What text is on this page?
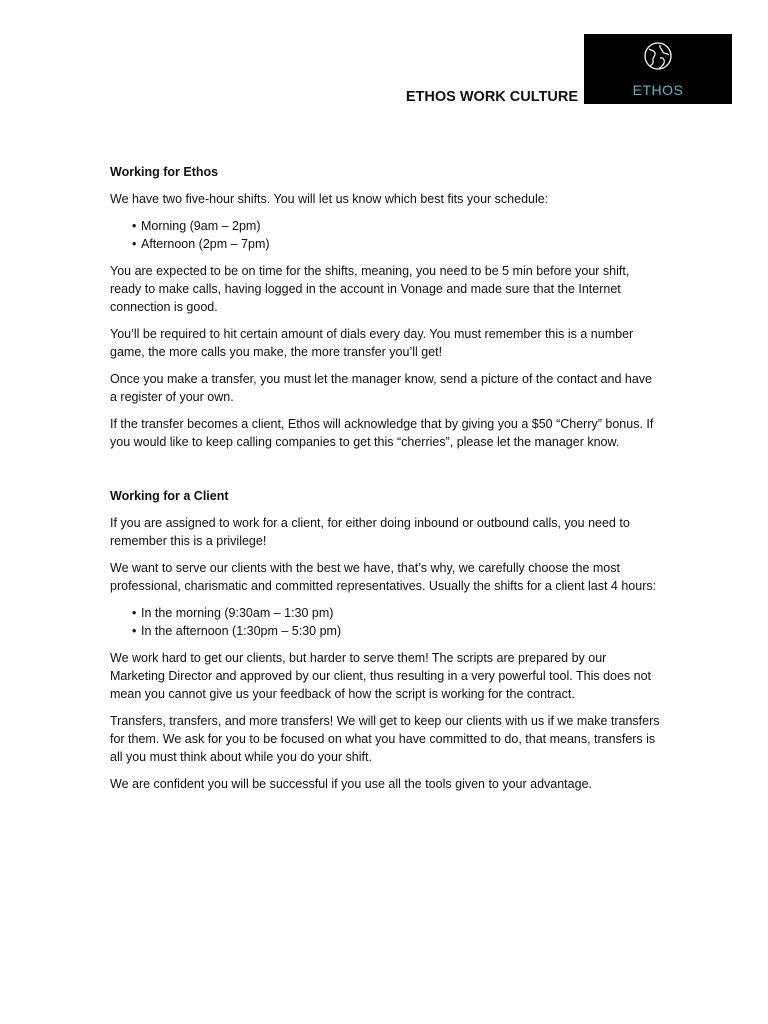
ETHOS
ETHOS WORK CULTURE
Working for Ethos

We have two five-hour shifts. You will let us know which best fits your schedule:

• Morning (9am – 2pm)
• Afternoon (2pm – 7pm)

You are expected to be on time for the shifts, meaning, you need to be 5 min before your shift, ready to make calls, having logged in the account in Vonage and made sure that the Internet connection is good.

You’ll be required to hit certain amount of dials every day. You must remember this is a number game, the more calls you make, the more transfer you’ll get!

Once you make a transfer, you must let the manager know, send a picture of the contact and have a register of your own.

If the transfer becomes a client, Ethos will acknowledge that by giving you a $50 “Cherry” bonus. If you would like to keep calling companies to get this “cherries”, please let the manager know.

Working for a Client

If you are assigned to work for a client, for either doing inbound or outbound calls, you need to remember this is a privilege!

We want to serve our clients with the best we have, that’s why, we carefully choose the most professional, charismatic and committed representatives. Usually the shifts for a client last 4 hours:

• In the morning (9:30am – 1:30 pm)
• In the afternoon (1:30pm – 5:30 pm)

We work hard to get our clients, but harder to serve them! The scripts are prepared by our Marketing Director and approved by our client, thus resulting in a very powerful tool. This does not mean you cannot give us your feedback of how the script is working for the contract.

Transfers, transfers, and more transfers! We will get to keep our clients with us if we make transfers for them. We ask for you to be focused on what you have committed to do, that means, transfers is all you must think about while you do your shift.

We are confident you will be successful if you use all the tools given to your advantage.
